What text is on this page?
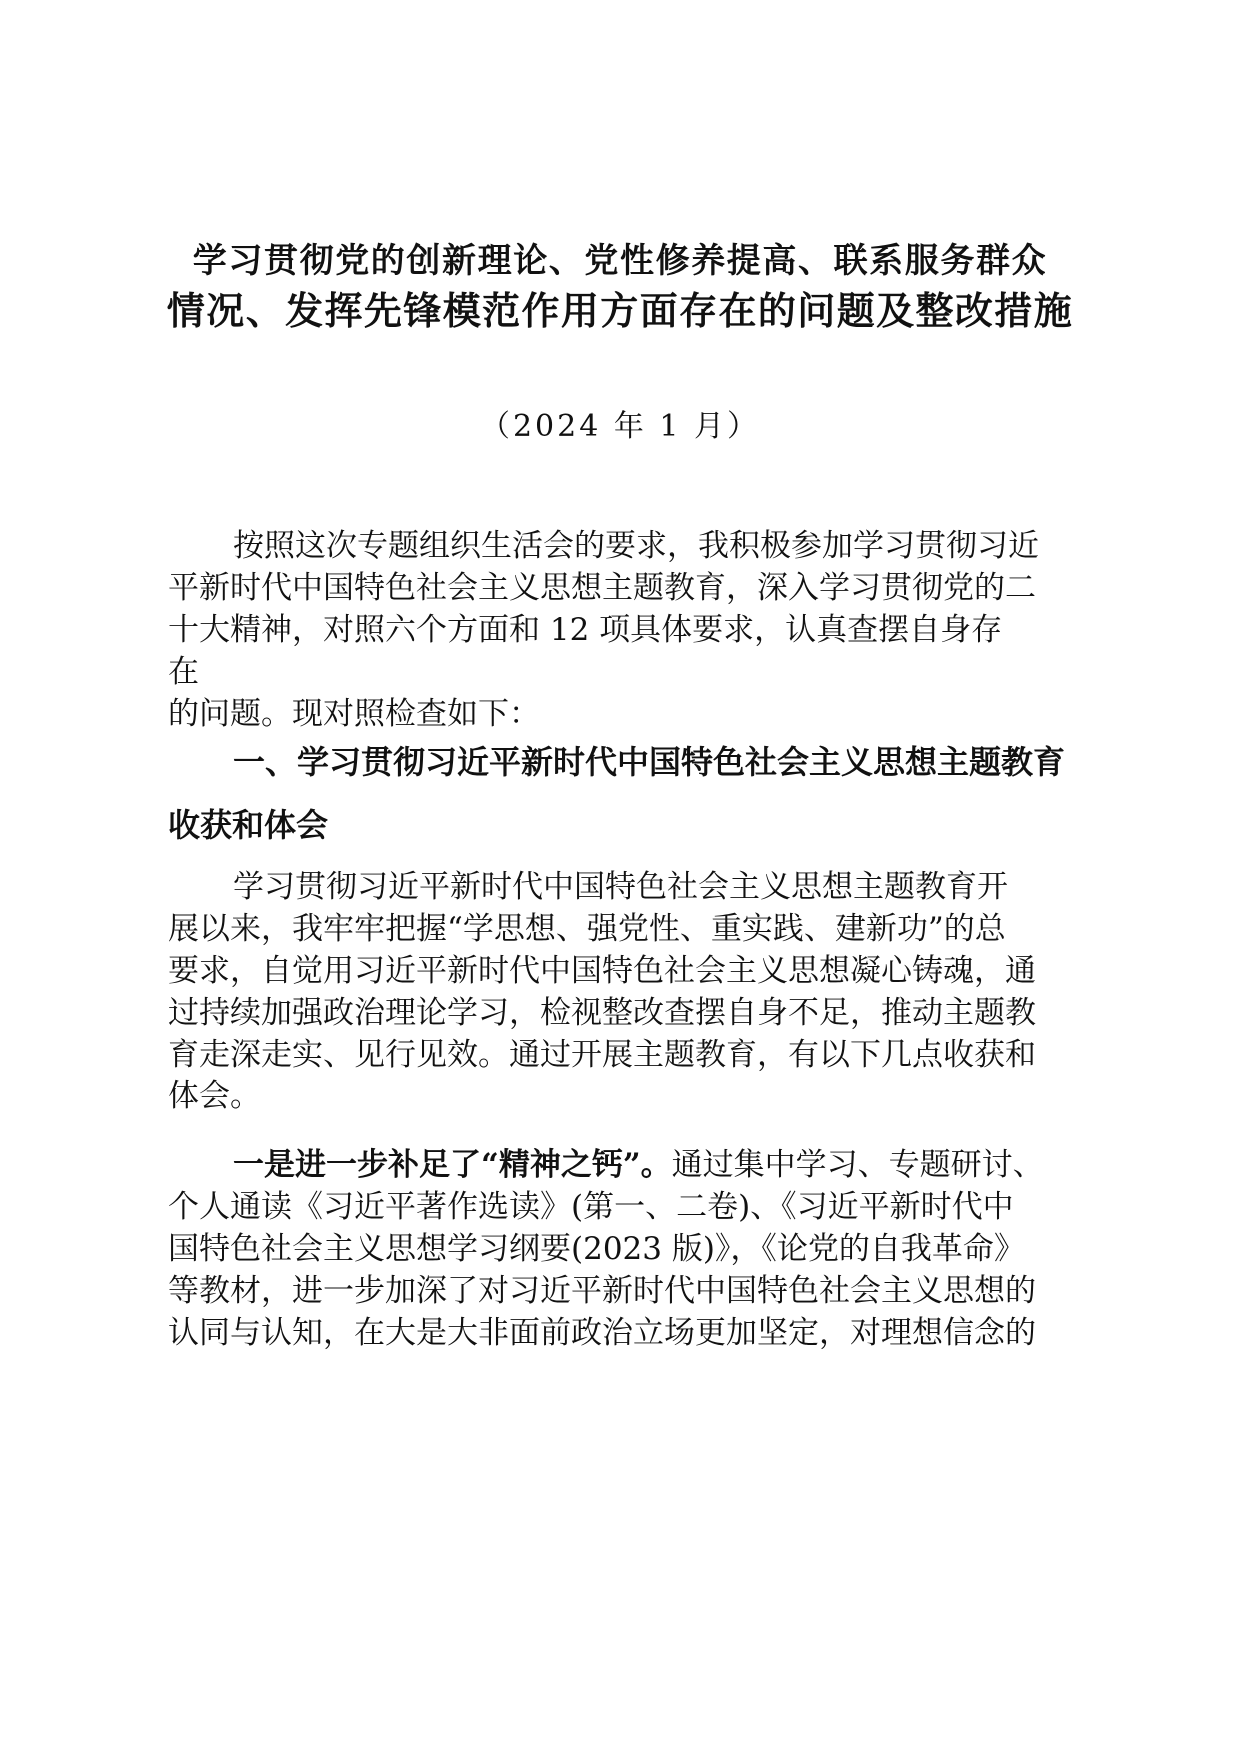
学习贯彻党的创新理论、党性修养提高、联系服务群众
情况、发挥先锋模范作用方面存在的问题及整改措施
（2024 年 1 月）
按照这次专题组织生活会的要求，我积极参加学习贯彻习近
平新时代中国特色社会主义思想主题教育，深入学习贯彻党的二
十大精神，对照六个方面和 12 项具体要求，认真查摆自身存
在
的问题。现对照检查如下：
一、学习贯彻习近平新时代中国特色社会主义思想主题教育
收获和体会
学习贯彻习近平新时代中国特色社会主义思想主题教育开
展以来，我牢牢把握“学思想、强党性、重实践、建新功”的总
要求，自觉用习近平新时代中国特色社会主义思想凝心铸魂，通
过持续加强政治理论学习，检视整改查摆自身不足，推动主题教
育走深走实、见行见效。通过开展主题教育，有以下几点收获和
体会。
一是进一步补足了“精神之钙”。通过集中学习、专题研讨、
个人通读《习近平著作选读》(第一、二卷)、《习近平新时代中
国特色社会主义思想学习纲要(2023 版)》，《论党的自我革命》
等教材，进一步加深了对习近平新时代中国特色社会主义思想的
认同与认知，在大是大非面前政治立场更加坚定，对理想信念的
